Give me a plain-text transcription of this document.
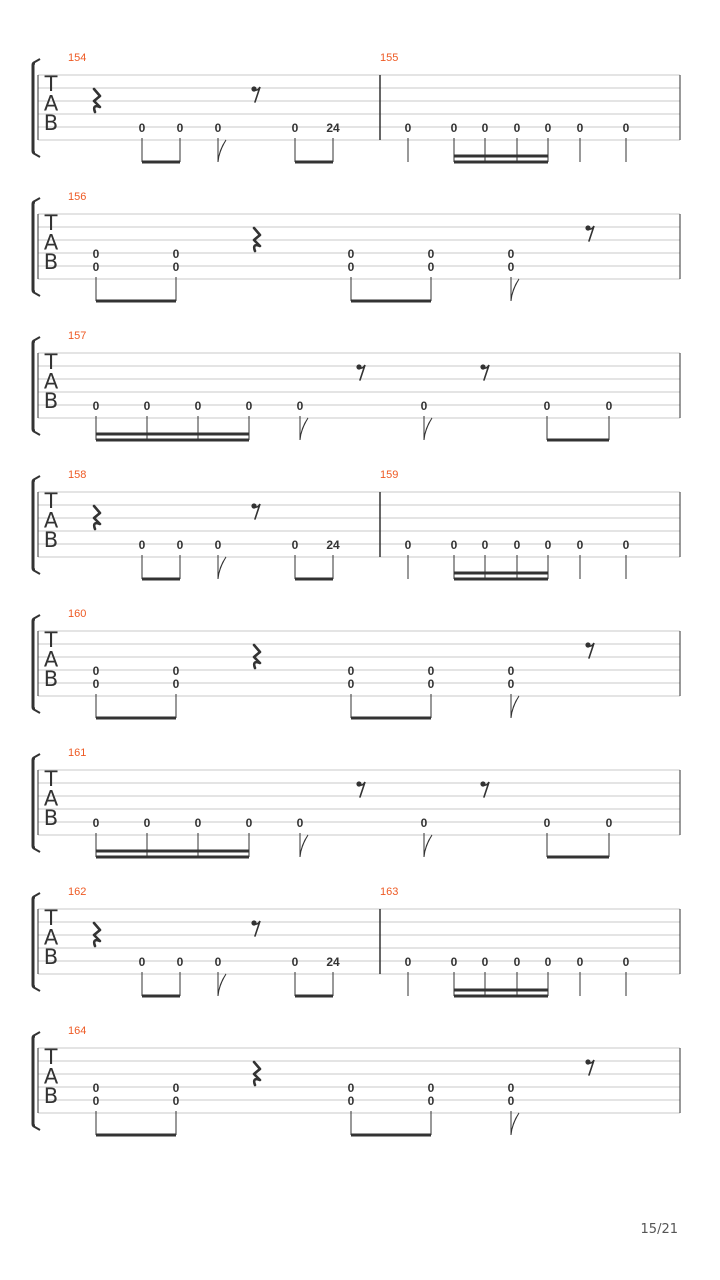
T
A
B
154
0	0	0	0 24
155
0	0 0 0 0 0	0
T
A
B
156
0
0
0
0
0
0
0
0
0
0
T
A
B
157
0	0	0	0	0	0	0	0
T
A
B
158
0	0	0	0 24
159
0	0 0 0 0 0	0
T
A
B
160
0
0
0
0
0
0
0
0
0
0
T
A
B
161
0	0	0	0	0	0	0	0
T
A
B
162
0	0	0	0 24
163
0	0 0 0 0 0	0
T
A
B
164
0
0
0
0
0
0
0
0
0
0
15/21
